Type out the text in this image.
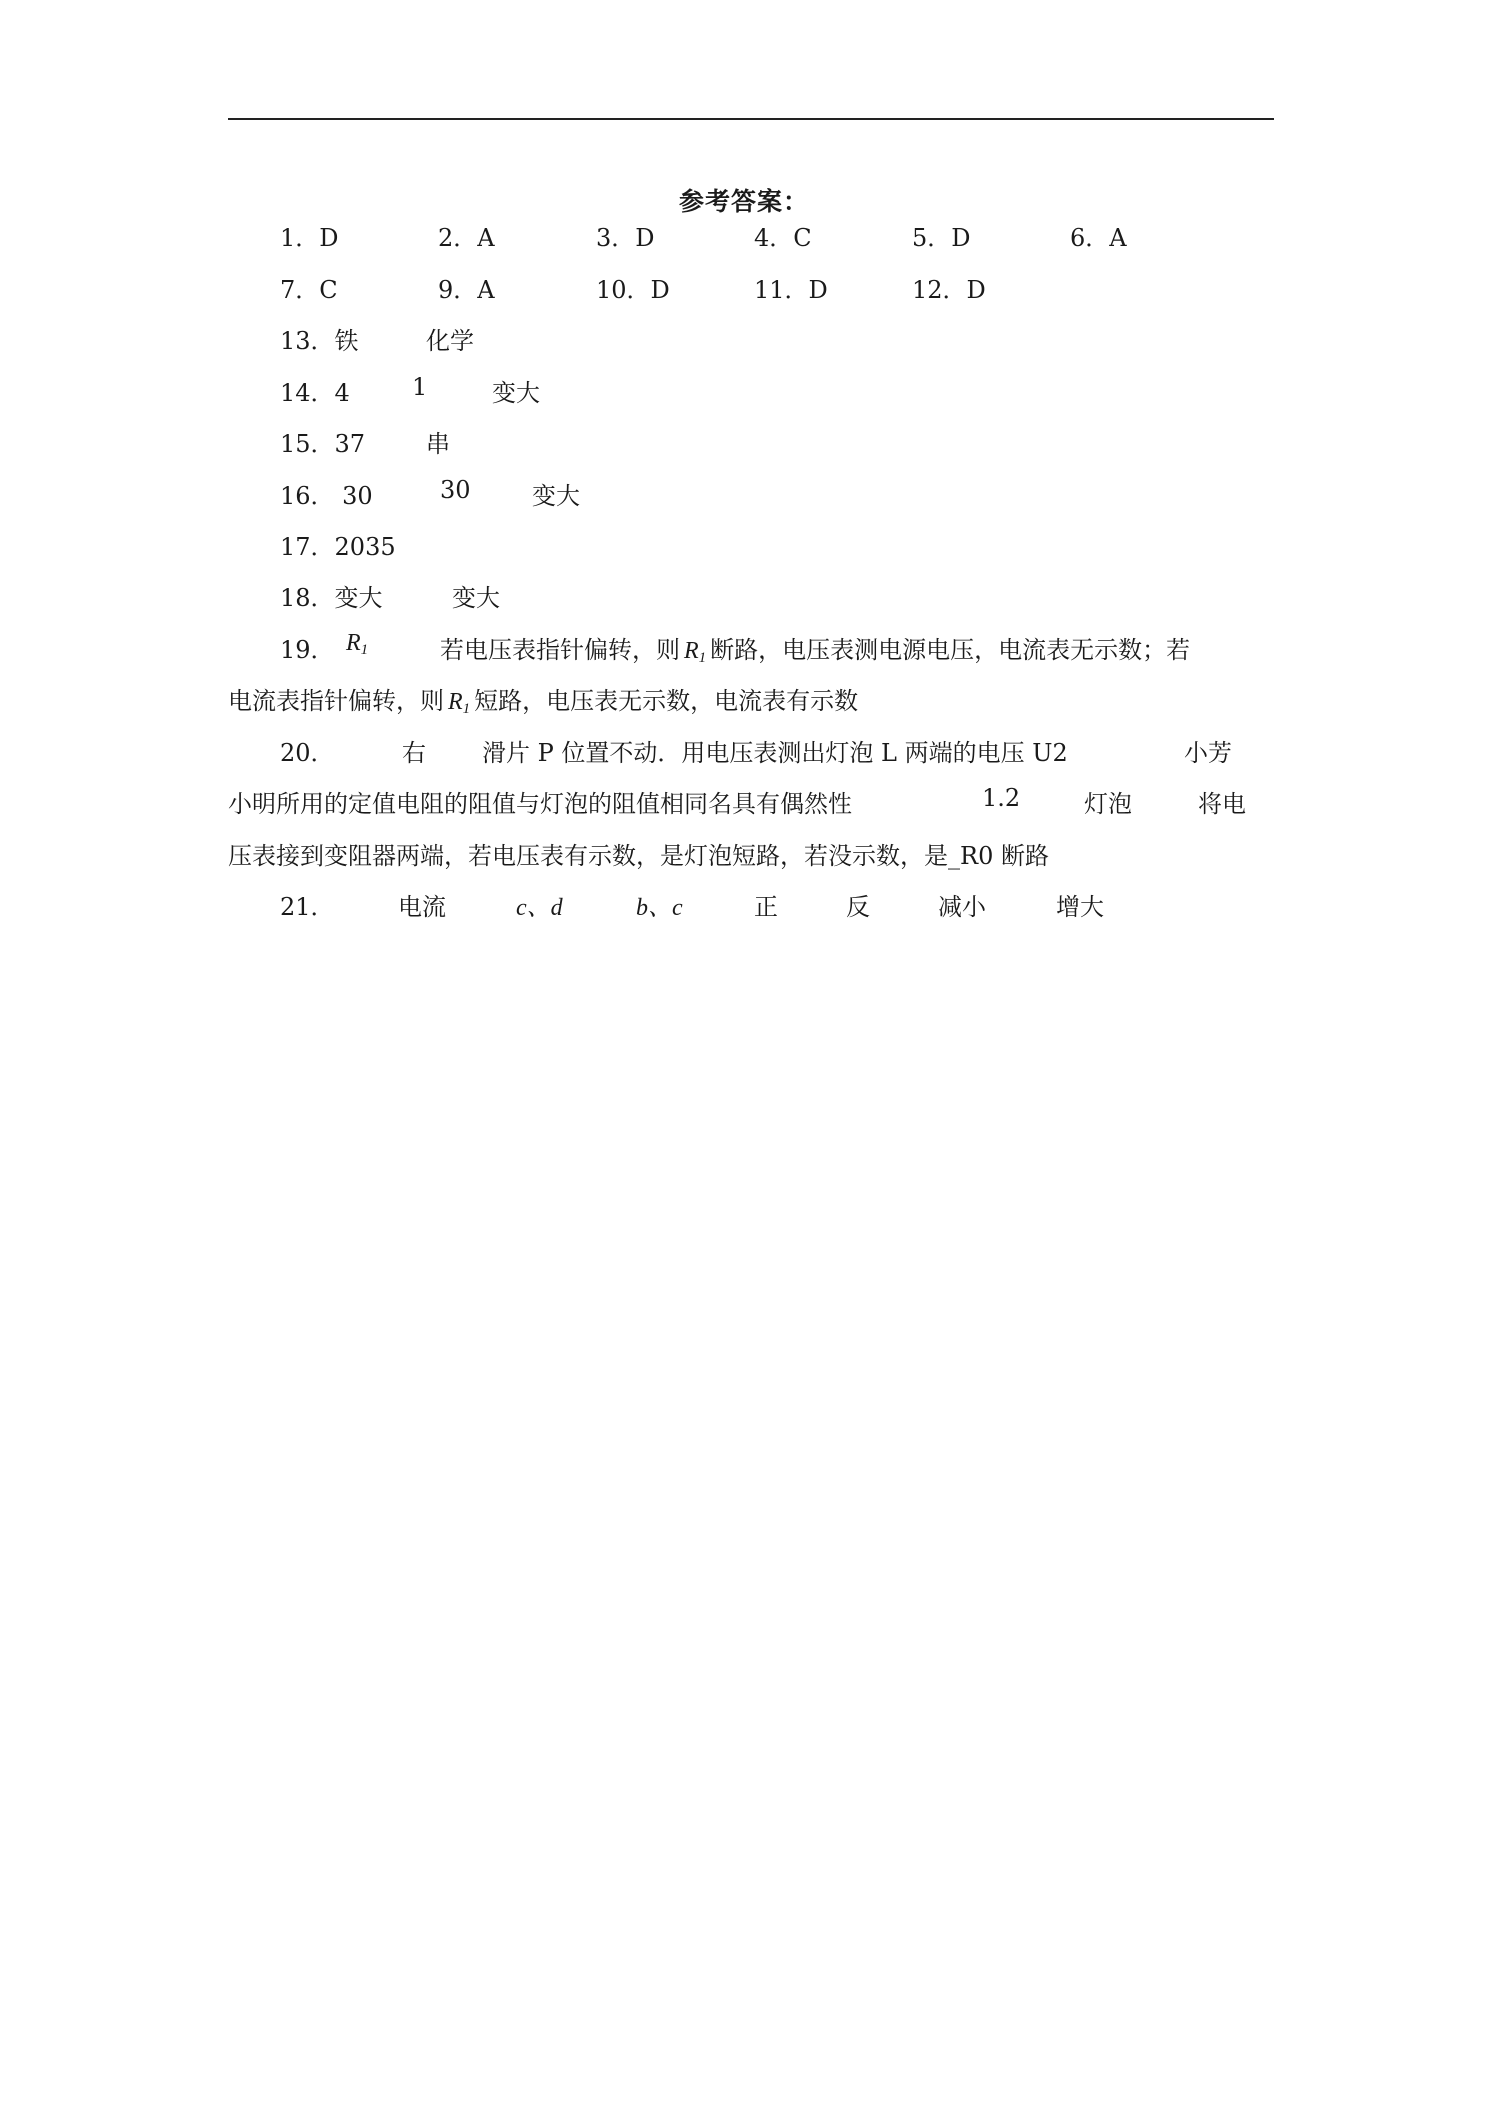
参考答案：
1．D	2．A	3．D	4．C	5．D	6．A
7．C	9．A	10．D	11．D	12．D
13．铁	化学
14．4	1	变大
15．37	串
16． 30	30	变大
17．2035
18．变大	变大
19． $R_1$	若电压表指针偏转，则 $R_1$ 断路，电压表测电源电压，电流表无示数；若
电流表指针偏转，则 $R_1$ 短路，电压表无示数，电流表有示数
20．	右 滑片 P 位置不动．用电压表测出灯泡 L 两端的电压 U2	小芳
小明所用的定值电阻的阻值与灯泡的阻值相同名具有偶然性	1.2	灯泡	将电
压表接到变阻器两端，若电压表有示数，是灯泡短路，若没示数，是_R0 断路
21．	电流	c、d	b、c	正	反	减小	增大
